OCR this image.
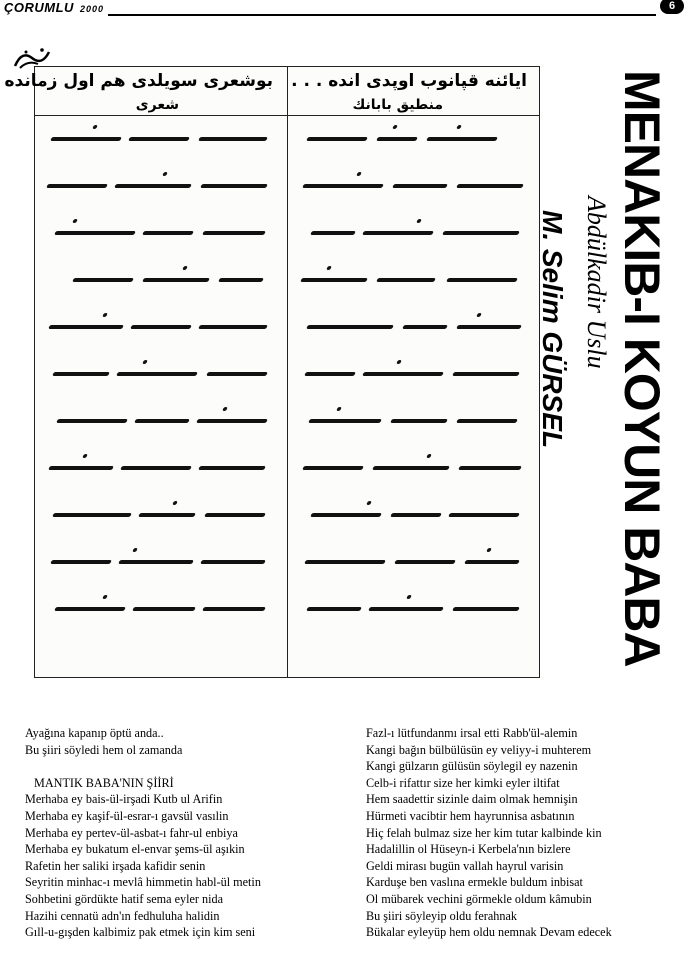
ÇORUMLU 2000	6
ايائنه قپانوب اوپدى انده . . .
بوشعرى سويلدى هم اول زمانده
منطيق بابانك
شعرى	MENAKIB-I KOYUN BABA
Abdülkadir Uslu
M. Selim GÜRSEL
Ayağına kapanıp öptü anda..
Bu şiiri söyledi hem ol zamanda
MANTIK BABA'NIN ŞİİRİ
Merhaba ey bais-ül-irşadi Kutb ul Arifin
Merhaba ey kaşif-ül-esrar-ı gavsül vasılin
Merhaba ey pertev-ül-asbat-ı fahr-ul enbiya
Merhaba ey bukatum el-envar şems-ül aşıkin
Rafetin her saliki irşada kafidir senin
Seyritin minhac-ı mevlâ himmetin habl-ül metin
Sohbetini gördükte hatif sema eyler nida
Hazihi cennatü adn'ın fedhuluha halidin
Gıll-u-gışden kalbimiz pak etmek için kim seni
Fazl-ı lütfundanmı irsal etti Rabb'ül-alemin
Kangi bağın bülbülüsün ey veliyy-i muhterem
Kangi gülzarın gülüsün söylegil ey nazenin
Celb-i rifattır size her kimki eyler iltifat
Hem saadettir sizinle daim olmak hemnişin
Hürmeti vacibtir hem hayrunnisa asbatının
Hiç felah bulmaz size her kim tutar kalbinde kin
Hadalillin ol Hüseyn-i Kerbela'nın bizlere
Geldi mirası bugün vallah hayrul varisin
Karduşe ben vaslına ermekle buldum inbisat
Ol mübarek vechini görmekle oldum kâmubin
Bu şiiri söyleyip oldu ferahnak
Bükalar eyleyüp hem oldu nemnak Devam edecek
